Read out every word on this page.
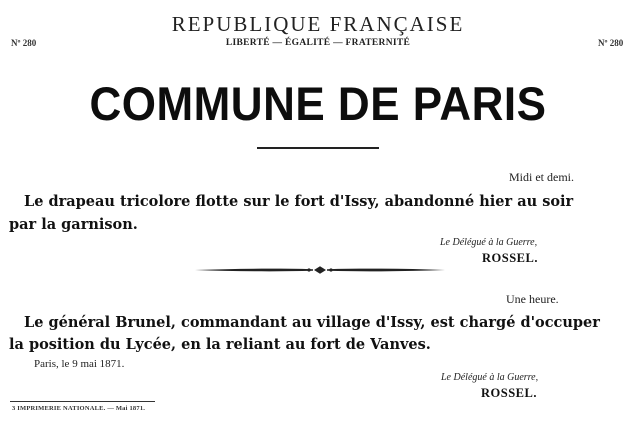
REPUBLIQUE FRANÇAISE
Nº 280	LIBERTÉ — ÉGALITÉ — FRATERNITÉ	Nº 280
COMMUNE DE PARIS
Midi et demi.
Le drapeau tricolore flotte sur le fort d'Issy, abandonné hier au soir
par la garnison.
Le Délégué à la Guerre,
ROSSEL.
Une heure.
Le général Brunel, commandant au village d'Issy, est chargé d'occuper
la position du Lycée, en la reliant au fort de Vanves.
Paris, le 9 mai 1871.
Le Délégué à la Guerre,
ROSSEL.
3 IMPRIMERIE NATIONALE. — Mai 1871.
